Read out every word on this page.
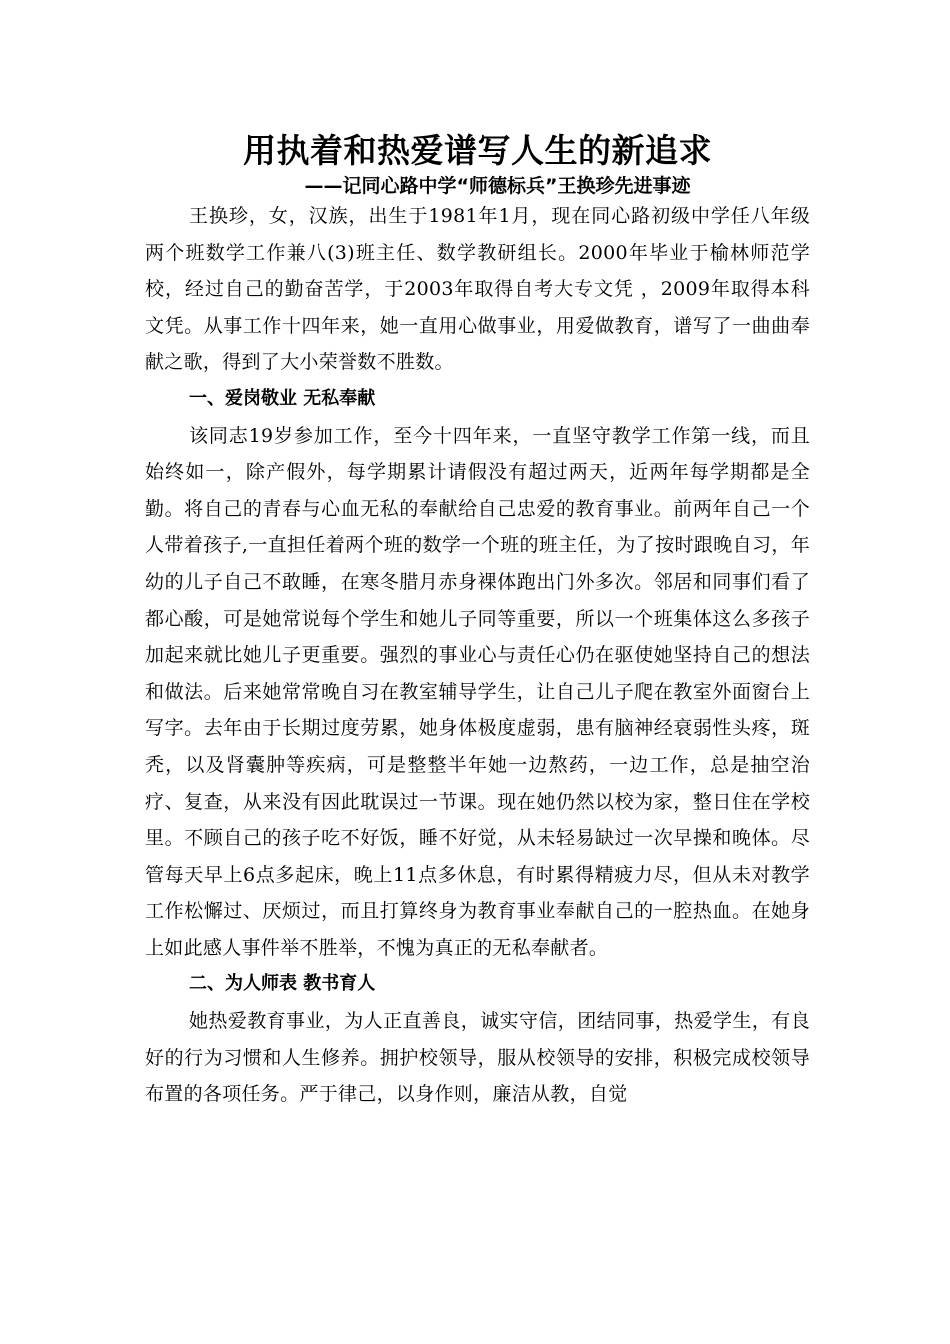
用执着和热爱谱写人生的新追求

——记同心路中学“师德标兵”王换珍先进事迹

王换珍，女，汉族，出生于1981年1月，现在同心路初级中学任八年级两个班数学工作兼八(3)班主任、数学教研组长。2000年毕业于榆林师范学校，经过自己的勤奋苦学，于2003年取得自考大专文凭 ，2009年取得本科文凭。从事工作十四年来，她一直用心做事业，用爱做教育，谱写了一曲曲奉献之歌，得到了大小荣誉数不胜数。

一、爱岗敬业 无私奉献

该同志19岁参加工作，至今十四年来，一直坚守教学工作第一线，而且始终如一，除产假外，每学期累计请假没有超过两天，近两年每学期都是全勤。将自己的青春与心血无私的奉献给自己忠爱的教育事业。前两年自己一个人带着孩子,一直担任着两个班的数学一个班的班主任，为了按时跟晚自习，年幼的儿子自己不敢睡，在寒冬腊月赤身裸体跑出门外多次。邻居和同事们看了都心酸，可是她常说每个学生和她儿子同等重要，所以一个班集体这么多孩子加起来就比她儿子更重要。强烈的事业心与责任心仍在驱使她坚持自己的想法和做法。后来她常常晚自习在教室辅导学生，让自己儿子爬在教室外面窗台上写字。去年由于长期过度劳累，她身体极度虚弱，患有脑神经衰弱性头疼，斑秃，以及肾囊肿等疾病，可是整整半年她一边熬药，一边工作，总是抽空治疗、复查，从来没有因此耽误过一节课。现在她仍然以校为家，整日住在学校里。不顾自己的孩子吃不好饭，睡不好觉，从未轻易缺过一次早操和晚体。尽管每天早上6点多起床，晚上11点多休息，有时累得精疲力尽，但从未对教学工作松懈过、厌烦过，而且打算终身为教育事业奉献自己的一腔热血。在她身上如此感人事件举不胜举，不愧为真正的无私奉献者。

二、为人师表 教书育人

她热爱教育事业，为人正直善良，诚实守信，团结同事，热爱学生，有良好的行为习惯和人生修养。拥护校领导，服从校领导的安排，积极完成校领导布置的各项任务。严于律己，以身作则，廉洁从教，自觉
